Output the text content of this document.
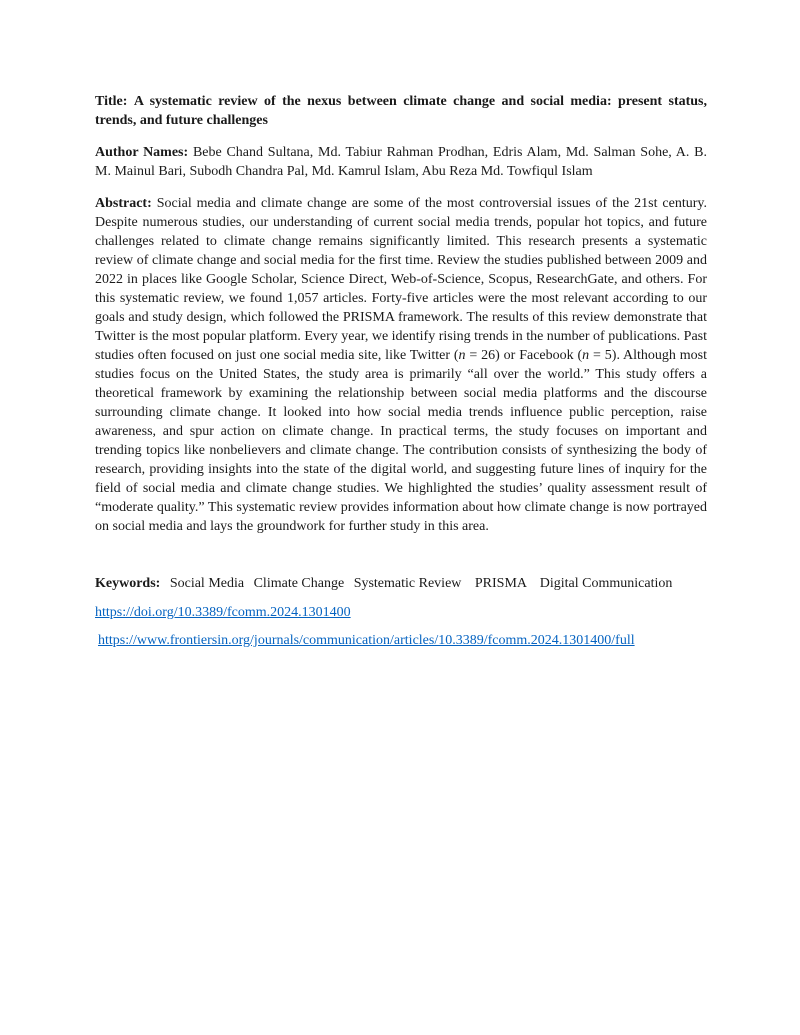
Title: A systematic review of the nexus between climate change and social media: present status, trends, and future challenges

Author Names: Bebe Chand Sultana, Md. Tabiur Rahman Prodhan, Edris Alam, Md. Salman Sohe, A. B. M. Mainul Bari, Subodh Chandra Pal, Md. Kamrul Islam, Abu Reza Md. Towfiqul Islam

Abstract: Social media and climate change are some of the most controversial issues of the 21st century. Despite numerous studies, our understanding of current social media trends, popular hot topics, and future challenges related to climate change remains significantly limited. This research presents a systematic review of climate change and social media for the first time. Review the studies published between 2009 and 2022 in places like Google Scholar, Science Direct, Web-of-Science, Scopus, ResearchGate, and others. For this systematic review, we found 1,057 articles. Forty-five articles were the most relevant according to our goals and study design, which followed the PRISMA framework. The results of this review demonstrate that Twitter is the most popular platform. Every year, we identify rising trends in the number of publications. Past studies often focused on just one social media site, like Twitter (n = 26) or Facebook (n = 5). Although most studies focus on the United States, the study area is primarily “all over the world.” This study offers a theoretical framework by examining the relationship between social media platforms and the discourse surrounding climate change. It looked into how social media trends influence public perception, raise awareness, and spur action on climate change. In practical terms, the study focuses on important and trending topics like nonbelievers and climate change. The contribution consists of synthesizing the body of research, providing insights into the state of the digital world, and suggesting future lines of inquiry for the field of social media and climate change studies. We highlighted the studies’ quality assessment result of “moderate quality.” This systematic review provides information about how climate change is now portrayed on social media and lays the groundwork for further study in this area.

Keywords: Social Media Climate Change Systematic Review PRISMA Digital Communication

https://doi.org/10.3389/fcomm.2024.1301400
https://www.frontiersin.org/journals/communication/articles/10.3389/fcomm.2024.1301400/full
